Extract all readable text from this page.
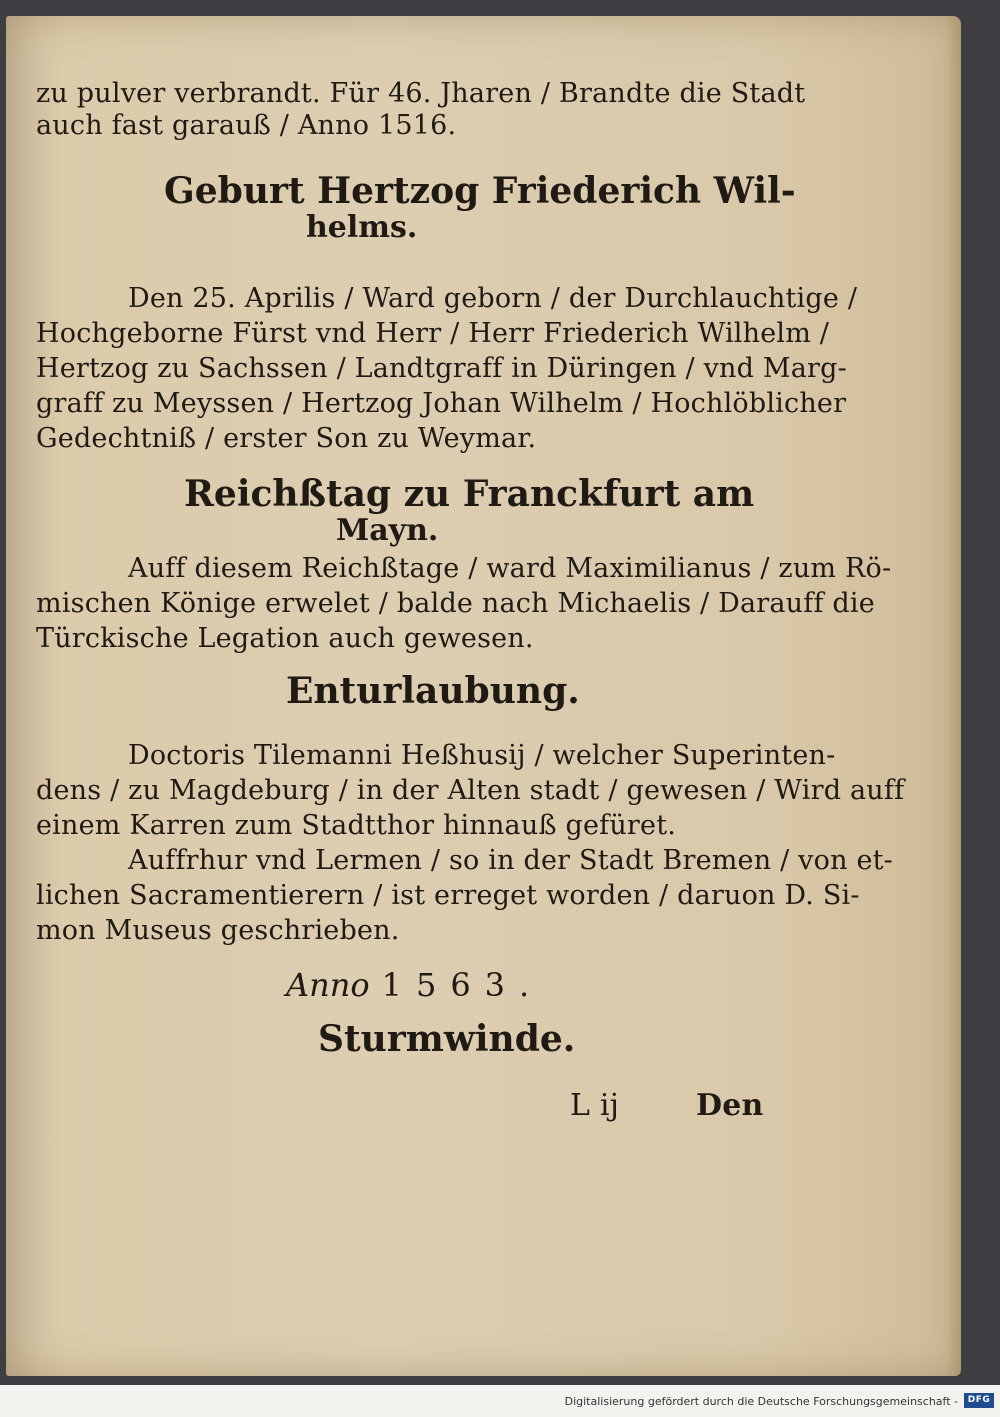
zu pulver verbrandt. Für 46. Jharen / Brandte die Stadt
auch fast garauß / Anno 1516.
Geburt Hertzog Friederich Wil-
helms.
Den 25. Aprilis / Ward geborn / der Durchlauchtige /
Hochgeborne Fürst vnd Herr / Herr Friederich Wilhelm /
Hertzog zu Sachssen / Landtgraff in Düringen / vnd Marg-
graff zu Meyssen / Hertzog Johan Wilhelm / Hochlöblicher
Gedechtniß / erster Son zu Weymar.
Reichßtag zu Franckfurt am
Mayn.
Auff diesem Reichßtage / ward Maximilianus / zum Rö-
mischen Könige erwelet / balde nach Michaelis / Darauff die
Türckische Legation auch gewesen.
Enturlaubung.
Doctoris Tilemanni Heßhusij / welcher Superinten-
dens / zu Magdeburg / in der Alten stadt / gewesen / Wird auff
einem Karren zum Stadtthor hinnauß gefüret.
Auffrhur vnd Lermen / so in der Stadt Bremen / von et-
lichen Sacramentierern / ist erreget worden / daruon D. Si-
mon Museus geschrieben.
Anno 1563.
Sturmwinde.
L ij	Den
Digitalisierung gefördert durch die Deutsche Forschungsgemeinschaft -	DFG
